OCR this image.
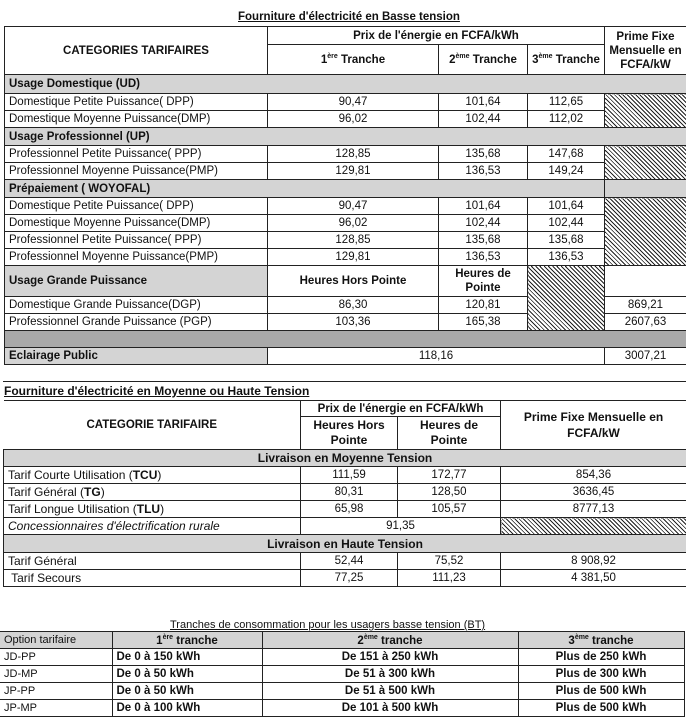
Fourniture d'électricité en Basse tension
CATEGORIES TARIFAIRES	Prix de l'énergie en FCFA/kWh			Prime Fixe Mensuelle en FCFA/kW
	1ère Tranche	2ème Tranche	3ème Tranche	
Usage Domestique (UD)				
Domestique Petite Puissance( DPP)	90,47	101,64	112,65	
Domestique Moyenne Puissance(DMP)	96,02	102,44	112,02	
Usage Professionnel (UP)				
Professionnel Petite Puissance( PPP)	128,85	135,68	147,68	
Professionnel Moyenne Puissance(PMP)	129,81	136,53	149,24	
Prépaiement ( WOYOFAL)				
Domestique Petite Puissance( DPP)	90,47	101,64	101,64	
Domestique Moyenne Puissance(DMP)	96,02	102,44	102,44	
Professionnel Petite Puissance( PPP)	128,85	135,68	135,68	
Professionnel Moyenne Puissance(PMP)	129,81	136,53	136,53	
Usage Grande Puissance	Heures Hors Pointe	Heures de Pointe		
Domestique Grande Puissance(DGP)	86,30	120,81		869,21
Professionnel Grande Puissance (PGP)	103,36	165,38		2607,63

Eclairage Public	118,16			3007,21
Fourniture d'électricité en Moyenne ou Haute Tension
CATEGORIE TARIFAIRE	Prix de l'énergie en FCFA/kWh		Prime Fixe Mensuelle en FCFA/kW
	Heures Hors Pointe	Heures de Pointe	
Livraison en Moyenne Tension			
Tarif Courte Utilisation (TCU)	111,59	172,77	854,36
Tarif Général (TG)	80,31	128,50	3636,45
Tarif Longue Utilisation (TLU)	65,98	105,57	8777,13
Concessionnaires d'électrification rurale	91,35		
Livraison en Haute Tension			
Tarif Général	52,44	75,52	8 908,92
Tarif Secours	77,25	111,23	4 381,50
Tranches de consommation pour les usagers basse tension (BT)
Option tarifaire	1ère tranche	2ème tranche	3ème tranche
JD-PP	De 0 à 150 kWh	De 151 à 250 kWh	Plus de 250 kWh
JD-MP	De 0 à 50 kWh	De 51 à 300 kWh	Plus de 300 kWh
JP-PP	De 0 à 50 kWh	De 51 à 500 kWh	Plus de 500 kWh
JP-MP	De 0 à 100 kWh	De 101 à 500 kWh	Plus de 500 kWh
